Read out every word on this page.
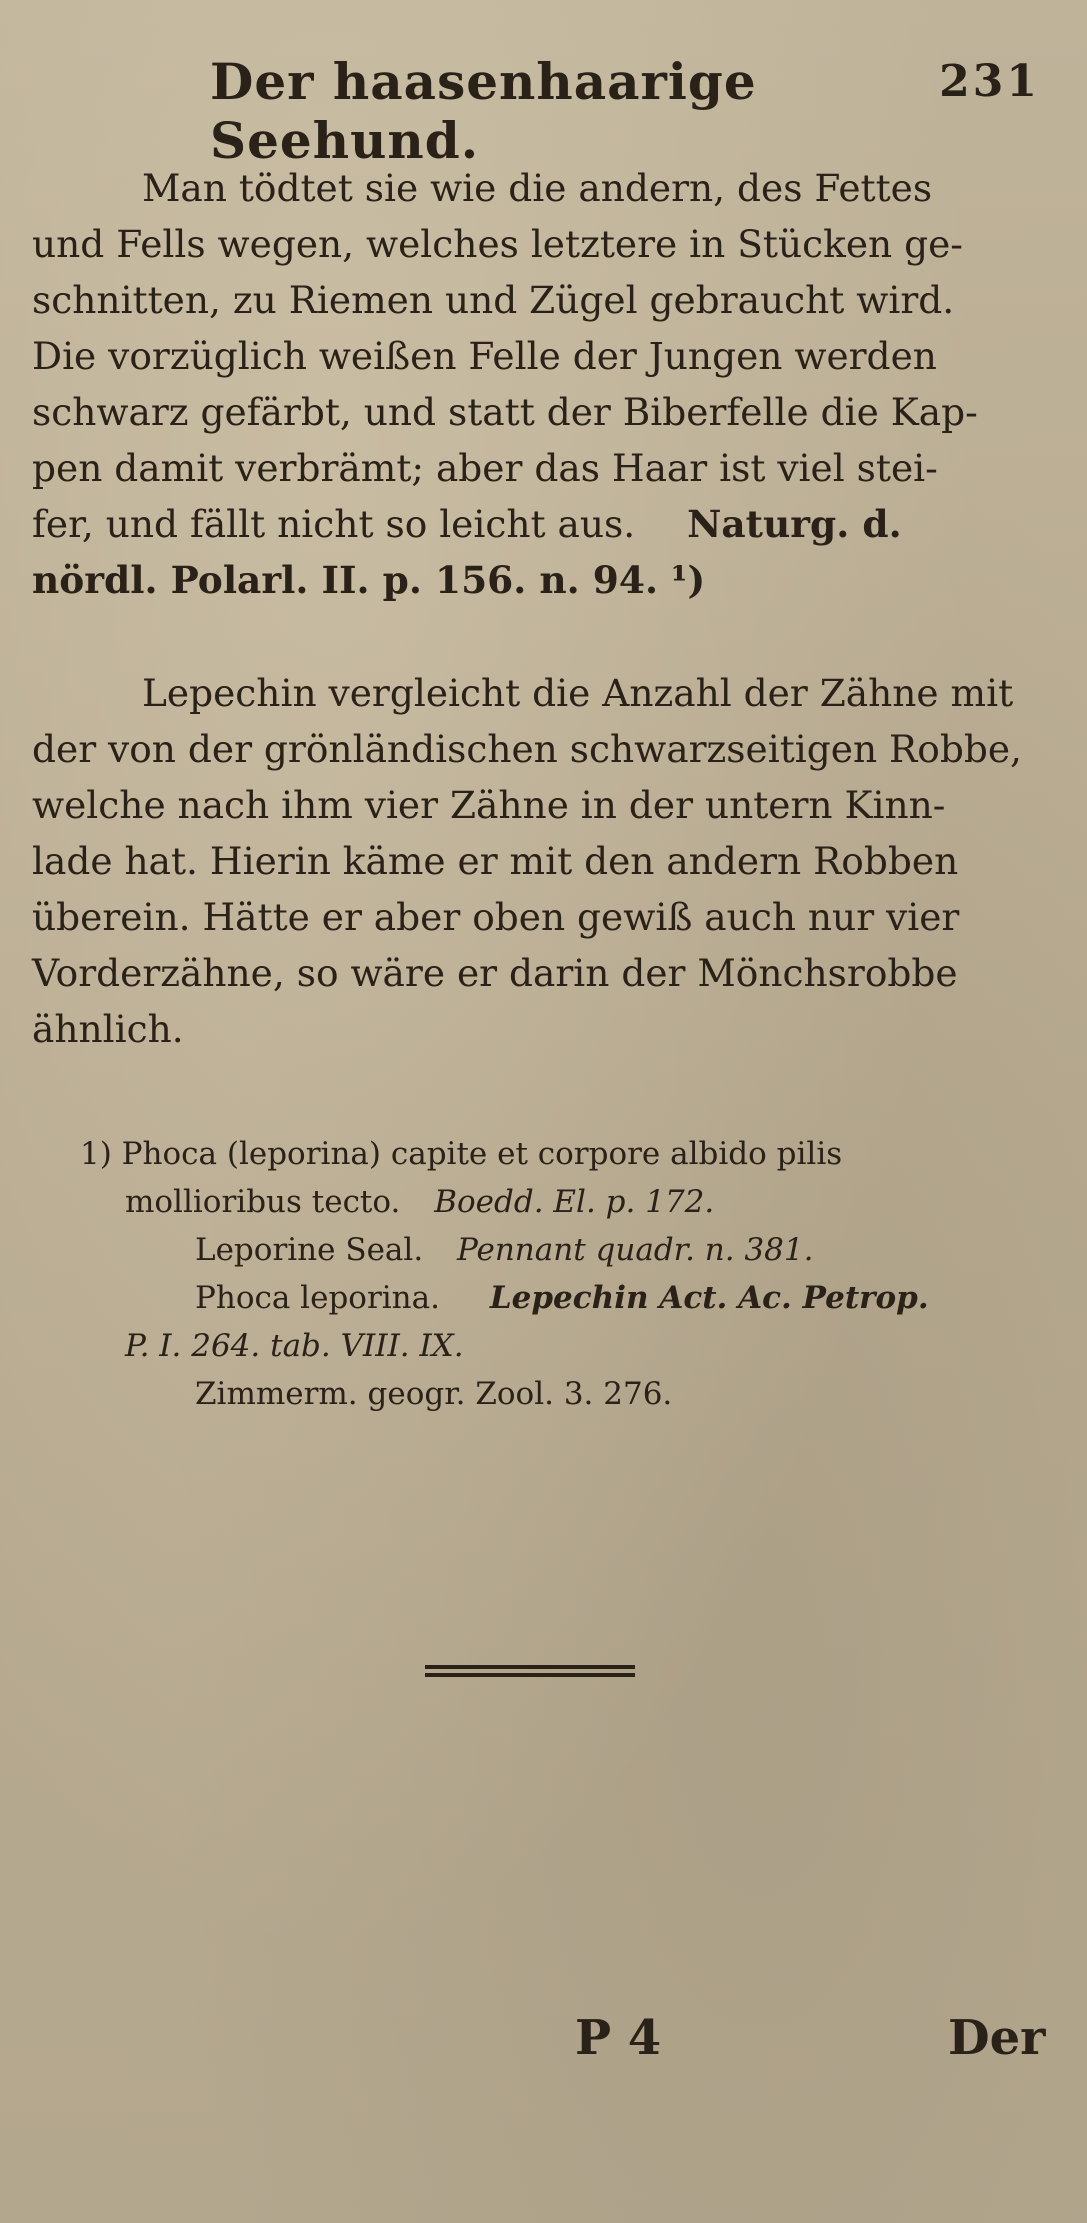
Der haasenhaarige Seehund.
231
Man tödtet sie wie die andern, des Fettes
und Fells wegen, welches letztere in Stücken ge-
schnitten, zu Riemen und Zügel gebraucht wird.
Die vorzüglich weißen Felle der Jungen werden
schwarz gefärbt, und statt der Biberfelle die Kap-
pen damit verbrämt; aber das Haar ist viel stei-
fer, und fällt nicht so leicht aus. Naturg. d.
nördl. Polarl. II. p. 156. n. 94. ¹)
Lepechin vergleicht die Anzahl der Zähne mit
der von der grönländischen schwarzseitigen Robbe,
welche nach ihm vier Zähne in der untern Kinn-
lade hat. Hierin käme er mit den andern Robben
überein. Hätte er aber oben gewiß auch nur vier
Vorderzähne, so wäre er darin der Mönchsrobbe
ähnlich.
1) Phoca (leporina) capite et corpore albido pilis
mollioribus tecto. Boedd. El. p. 172.
Leporine Seal. Pennant quadr. n. 381.
Phoca leporina. Lepechin Act. Ac. Petrop.
P. I. 264. tab. VIII. IX.
Zimmerm. geogr. Zool. 3. 276.
P 4	Der
